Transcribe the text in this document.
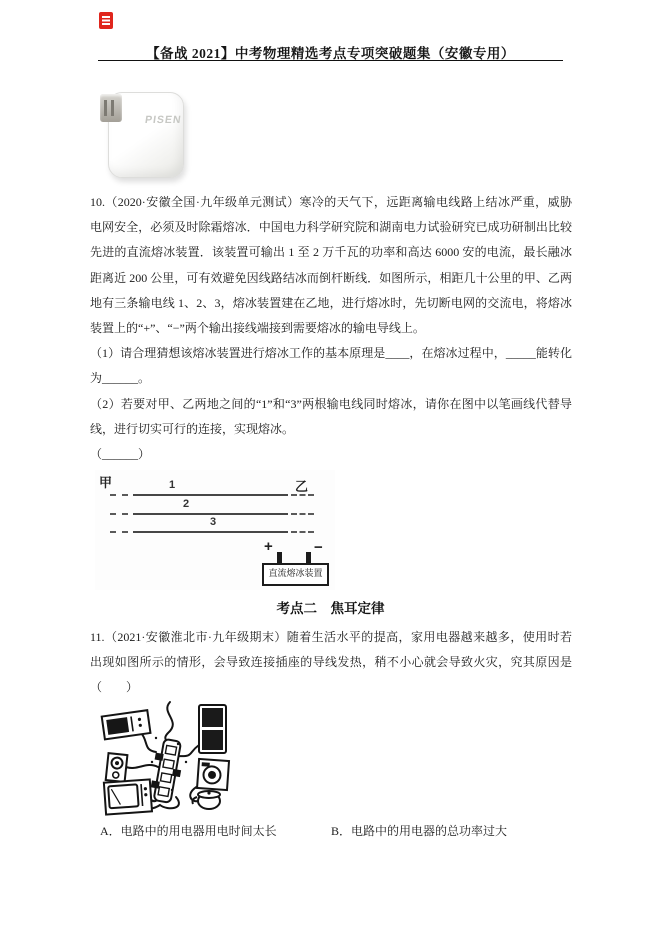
【备战 2021】中考物理精选考点专项突破题集（安徽专用）
PISEN
10.（2020·安徽全国·九年级单元测试）寒冷的天气下，远距离输电线路上结冰严重，威胁
电网安全，必须及时除霜熔冰．中国电力科学研究院和湖南电力试验研究已成功研制出比较
先进的直流熔冰装置．该装置可输出 1 至 2 万千瓦的功率和高达 6000 安的电流，最长融冰
距离近 200 公里，可有效避免因线路结冰而倒杆断线．如图所示，相距几十公里的甲、乙两
地有三条输电线 1、2、3，熔冰装置建在乙地，进行熔冰时，先切断电网的交流电，将熔冰
装置上的“+”、“−”两个输出接线端接到需要熔冰的输电导线上。
（1）请合理猜想该熔冰装置进行熔冰工作的基本原理是____，在熔冰过程中，_____能转化
为______。
（2）若要对甲、乙两地之间的“1”和“3”两根输电线同时熔冰，请你在图中以笔画线代替导
线，进行切实可行的连接，实现熔冰。
（______）
甲	乙
1
2
3
+	−
直流熔冰装置
考点二　焦耳定律
11.（2021·安徽淮北市·九年级期末）随着生活水平的提高，家用电器越来越多，使用时若
出现如图所示的情形，会导致连接插座的导线发热，稍不小心就会导致火灾，究其原因是
（　　）
A．电路中的用电器用电时间太长	B．电路中的用电器的总功率过大
